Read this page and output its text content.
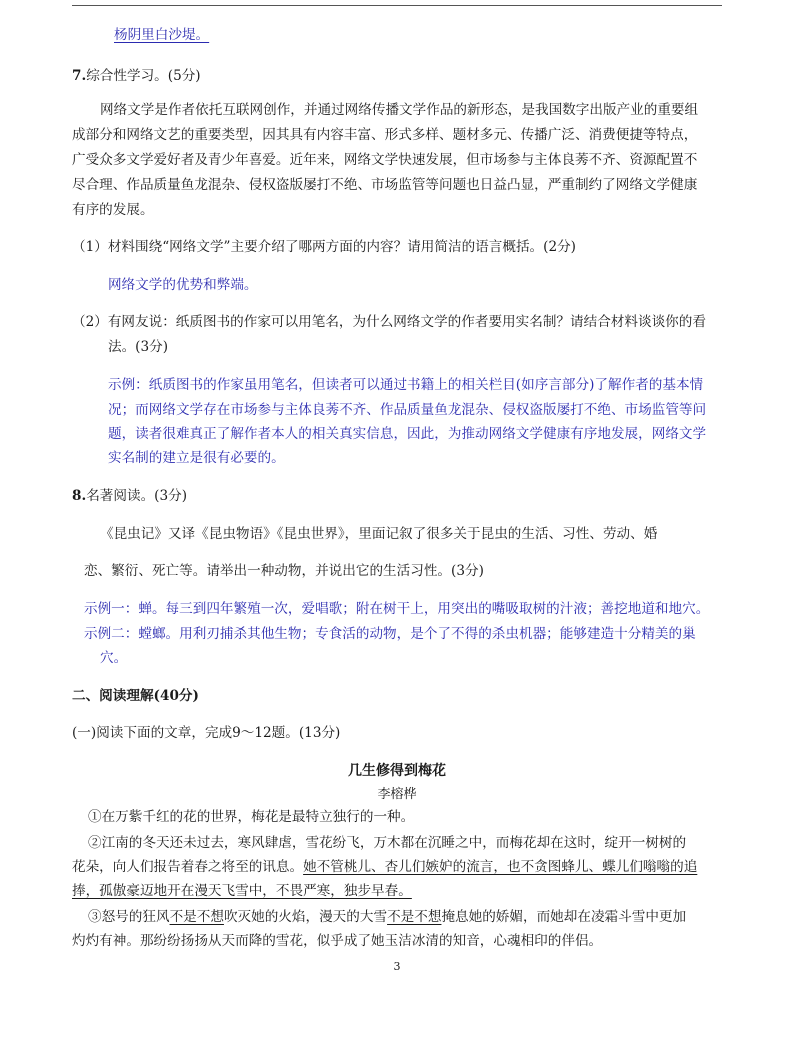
杨阴里白沙堤。
7.综合性学习。(5分)
网络文学是作者依托互联网创作，并通过网络传播文学作品的新形态，是我国数字出版产业的重要组
成部分和网络文艺的重要类型，因其具有内容丰富、形式多样、题材多元、传播广泛、消费便捷等特点，
广受众多文学爱好者及青少年喜爱。近年来，网络文学快速发展，但市场参与主体良莠不齐、资源配置不
尽合理、作品质量鱼龙混杂、侵权盗版屡打不绝、市场监管等问题也日益凸显，严重制约了网络文学健康
有序的发展。
（1）材料围绕“网络文学”主要介绍了哪两方面的内容？请用简洁的语言概括。(2分)
网络文学的优势和弊端。
（2）有网友说：纸质图书的作家可以用笔名，为什么网络文学的作者要用实名制？请结合材料谈谈你的看
法。(3分)
示例：纸质图书的作家虽用笔名，但读者可以通过书籍上的相关栏目(如序言部分)了解作者的基本情
况；而网络文学存在市场参与主体良莠不齐、作品质量鱼龙混杂、侵权盗版屡打不绝、市场监管等问
题，读者很难真正了解作者本人的相关真实信息，因此，为推动网络文学健康有序地发展，网络文学
实名制的建立是很有必要的。
8.名著阅读。(3分)
《昆虫记》又译《昆虫物语》《昆虫世界》，里面记叙了很多关于昆虫的生活、习性、劳动、婚
恋、繁衍、死亡等。请举出一种动物，并说出它的生活习性。(3分)
示例一：蝉。每三到四年繁殖一次，爱唱歌；附在树干上，用突出的嘴吸取树的汁液；善挖地道和地穴。
示例二：螳螂。用利刃捕杀其他生物；专食活的动物，是个了不得的杀虫机器；能够建造十分精美的巢
穴。
二、阅读理解(40分)
(一)阅读下面的文章，完成9～12题。(13分)
几生修得到梅花
李榕桦
①在万紫千红的花的世界，梅花是最特立独行的一种。
②江南的冬天还未过去，寒风肆虐，雪花纷飞，万木都在沉睡之中，而梅花却在这时，绽开一树树的
花朵，向人们报告着春之将至的讯息。她不管桃儿、杏儿们嫉妒的流言，也不贪图蜂儿、蝶儿们嗡嗡的追
捧，孤傲豪迈地开在漫天飞雪中，不畏严寒，独步早春。
③怒号的狂风不是不想吹灭她的火焰，漫天的大雪不是不想掩息她的娇媚，而她却在凌霜斗雪中更加
灼灼有神。那纷纷扬扬从天而降的雪花，似乎成了她玉洁冰清的知音，心魂相印的伴侣。
3
